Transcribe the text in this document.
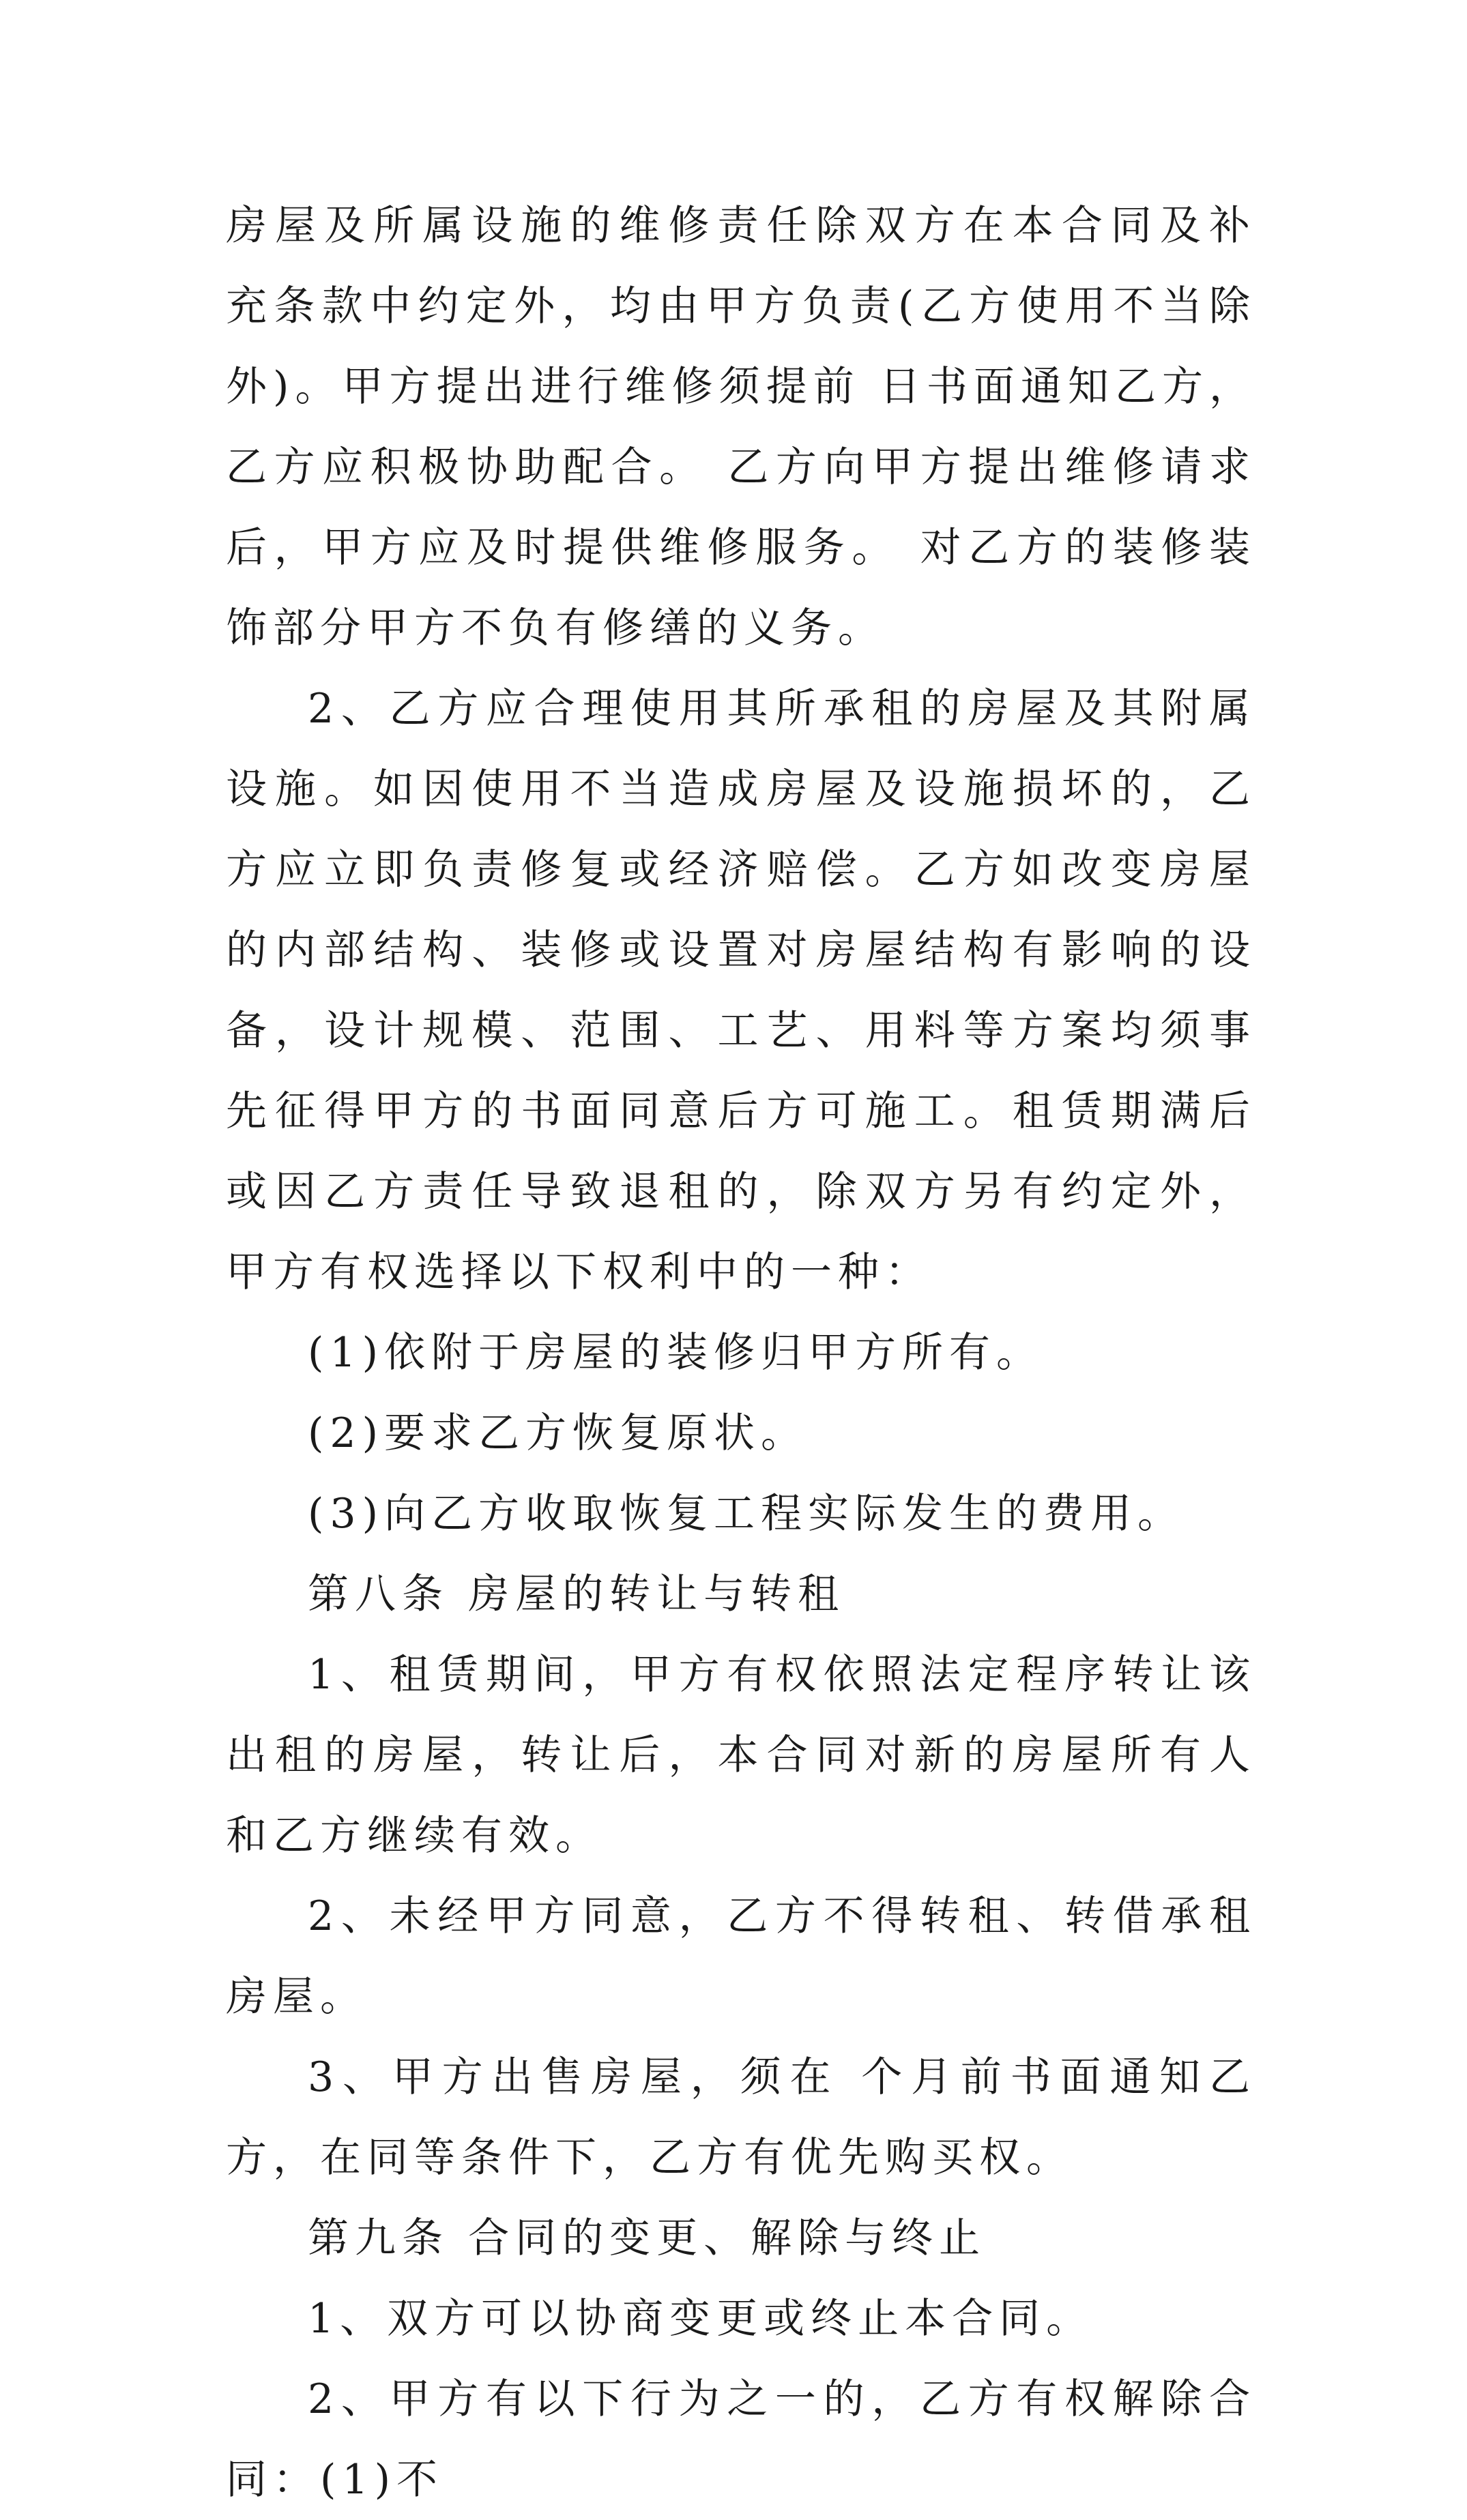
房屋及所属设施的维修责任除双方在本合同及补充条款中约定外，均由甲方负责(乙方使用不当除外)。甲方提出进行维修须提前 日书面通知乙方，乙方应积极协助配合。 乙方向甲方提出维修请求后，甲方应及时提供维修服务。 对乙方的装修装饰部分甲方不负有修缮的义务。

2、乙方应合理使用其所承租的房屋及其附属设施。如因使用不当造成房屋及设施损坏的，乙方应立即负责修复或经济赔偿。乙方如改变房屋的内部结构、装修或设置对房屋结构有影响的设备，设计规模、范围、工艺、用料等方案均须事先征得甲方的书面同意后方可施工。租赁期满后或因乙方责任导致退租的，除双方另有约定外，甲方有权选择以下权利中的一种：

(1)依附于房屋的装修归甲方所有。

(2)要求乙方恢复原状。

(3)向乙方收取恢复工程实际发生的费用。

第八条 房屋的转让与转租

1、租赁期间，甲方有权依照法定程序转让该出租的房屋，转让后，本合同对新的房屋所有人和乙方继续有效。

2、未经甲方同意，乙方不得转租、转借承租房屋。

3、甲方出售房屋，须在 个月前书面通知乙方，在同等条件下，乙方有优先购买权。

第九条 合同的变更、解除与终止

1、双方可以协商变更或终止本合同。

2、甲方有以下行为之一的，乙方有权解除合同：(1)不
